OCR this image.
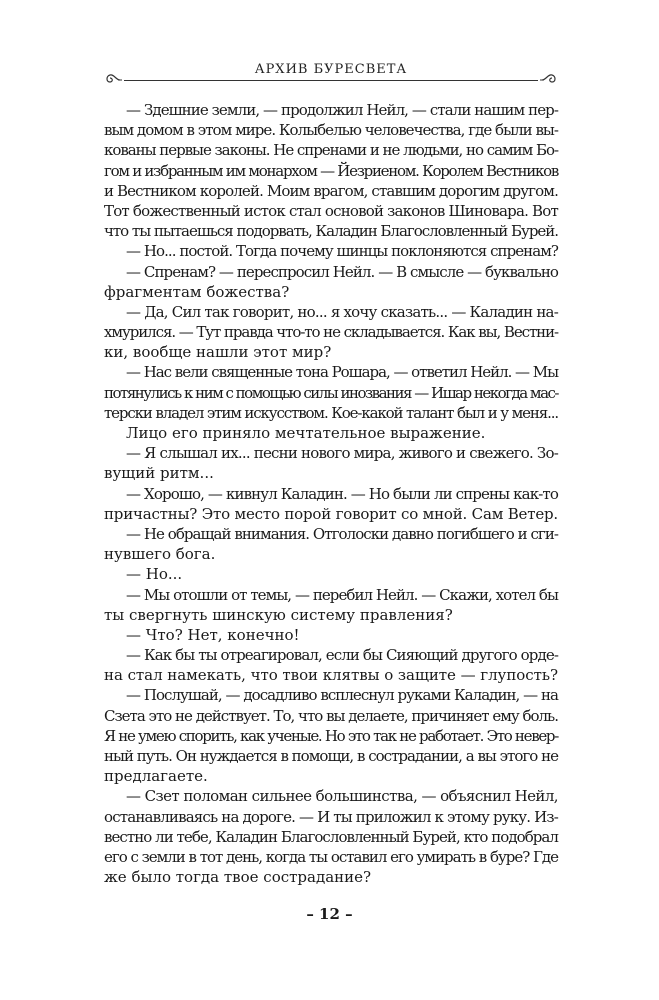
АРХИВ БУРЕСВЕТА
— Здешние земли, — продолжил Нейл, — стали нашим пер-
вым домом в этом мире. Колыбелью человечества, где были вы-
кованы первые законы. Не спренами и не людьми, но самим Бо-
гом и избранным им монархом — Йезриеном. Королем Вестников
и Вестником королей. Моим врагом, ставшим дорогим другом.
Тот божественный исток стал основой законов Шиновара. Вот
что ты пытаешься подорвать, Каладин Благословленный Бурей.
— Но... постой. Тогда почему шинцы поклоняются спренам?
— Спренам? — переспросил Нейл. — В смысле — буквально
фрагментам божества?
— Да, Сил так говорит, но... я хочу сказать... — Каладин на-
хмурился. — Тут правда что-то не складывается. Как вы, Вестни-
ки, вообще нашли этот мир?
— Нас вели священные тона Рошара, — ответил Нейл. — Мы
потянулись к ним с помощью силы инозвания — Ишар некогда мас-
терски владел этим искусством. Кое-какой талант был и у меня...
Лицо его приняло мечтательное выражение.
— Я слышал их... песни нового мира, живого и свежего. Зо-
вущий ритм...
— Хорошо, — кивнул Каладин. — Но были ли спрены как-то
причастны? Это место порой говорит со мной. Сам Ветер.
— Не обращай внимания. Отголоски давно погибшего и сги-
нувшего бога.
— Но...
— Мы отошли от темы, — перебил Нейл. — Скажи, хотел бы
ты свергнуть шинскую систему правления?
— Что? Нет, конечно!
— Как бы ты отреагировал, если бы Сияющий другого орде-
на стал намекать, что твои клятвы о защите — глупость?
— Послушай, — досадливо всплеснул руками Каладин, — на
Сзета это не действует. То, что вы делаете, причиняет ему боль.
Я не умею спорить, как ученые. Но это так не работает. Это невер-
ный путь. Он нуждается в помощи, в сострадании, а вы этого не
предлагаете.
— Сзет поломан сильнее большинства, — объяснил Нейл,
останавливаясь на дороге. — И ты приложил к этому руку. Из-
вестно ли тебе, Каладин Благословленный Бурей, кто подобрал
его с земли в тот день, когда ты оставил его умирать в буре? Где
же было тогда твое сострадание?
– 12 –
